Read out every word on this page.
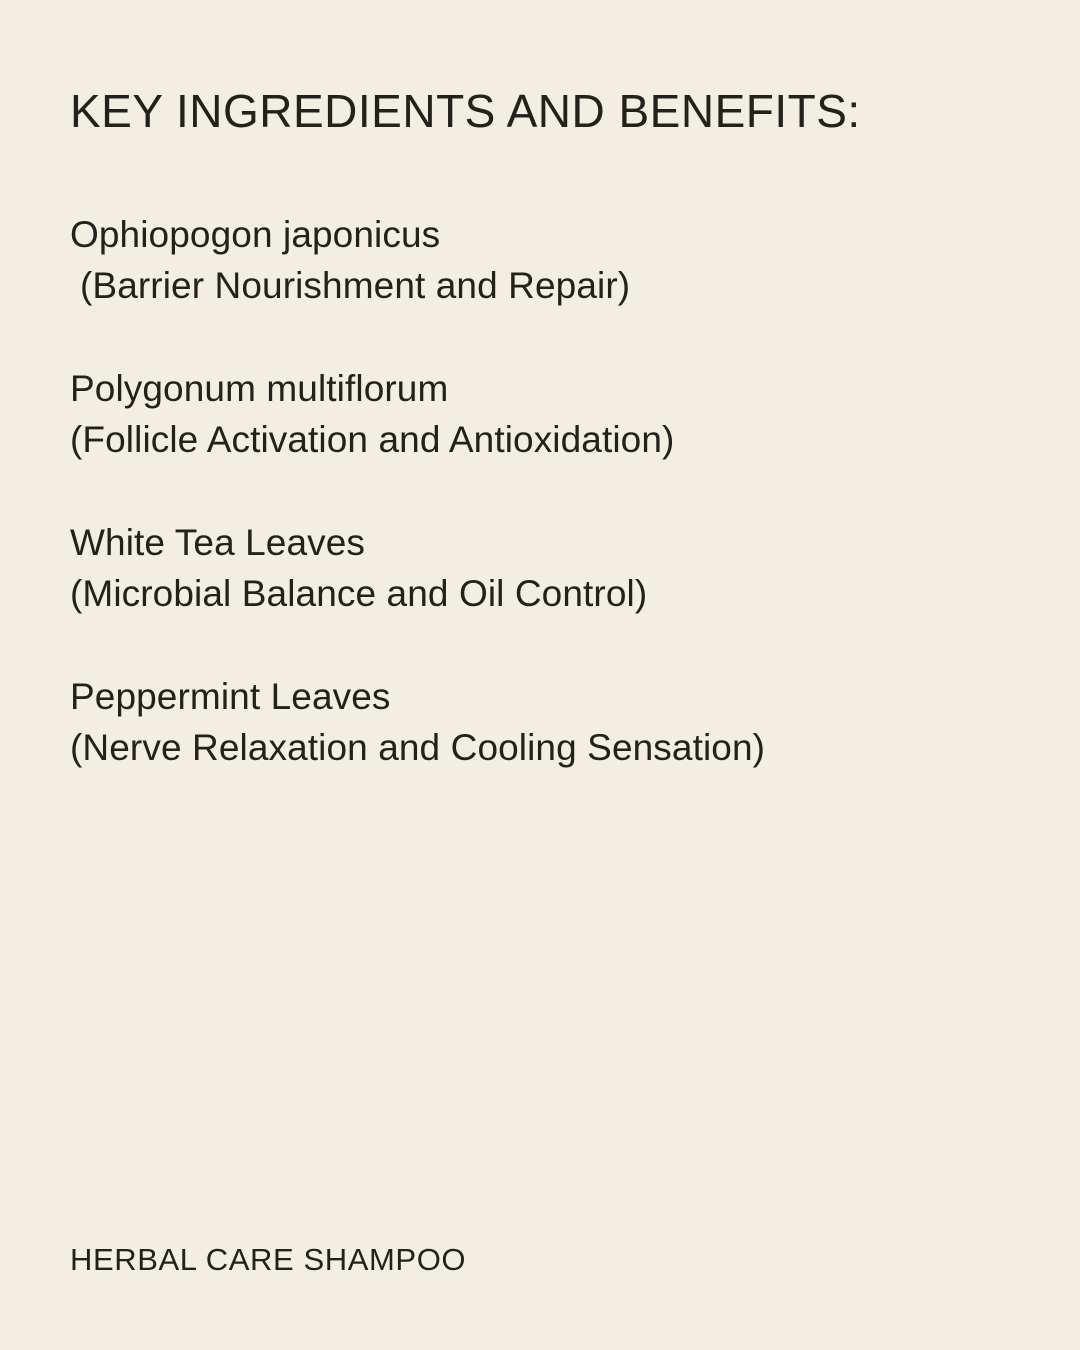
KEY INGREDIENTS AND BENEFITS:
Ophiopogon japonicus
(Barrier Nourishment and Repair)
Polygonum multiflorum
(Follicle Activation and Antioxidation)
White Tea Leaves
(Microbial Balance and Oil Control)
Peppermint Leaves
(Nerve Relaxation and Cooling Sensation)
HERBAL CARE SHAMPOO
